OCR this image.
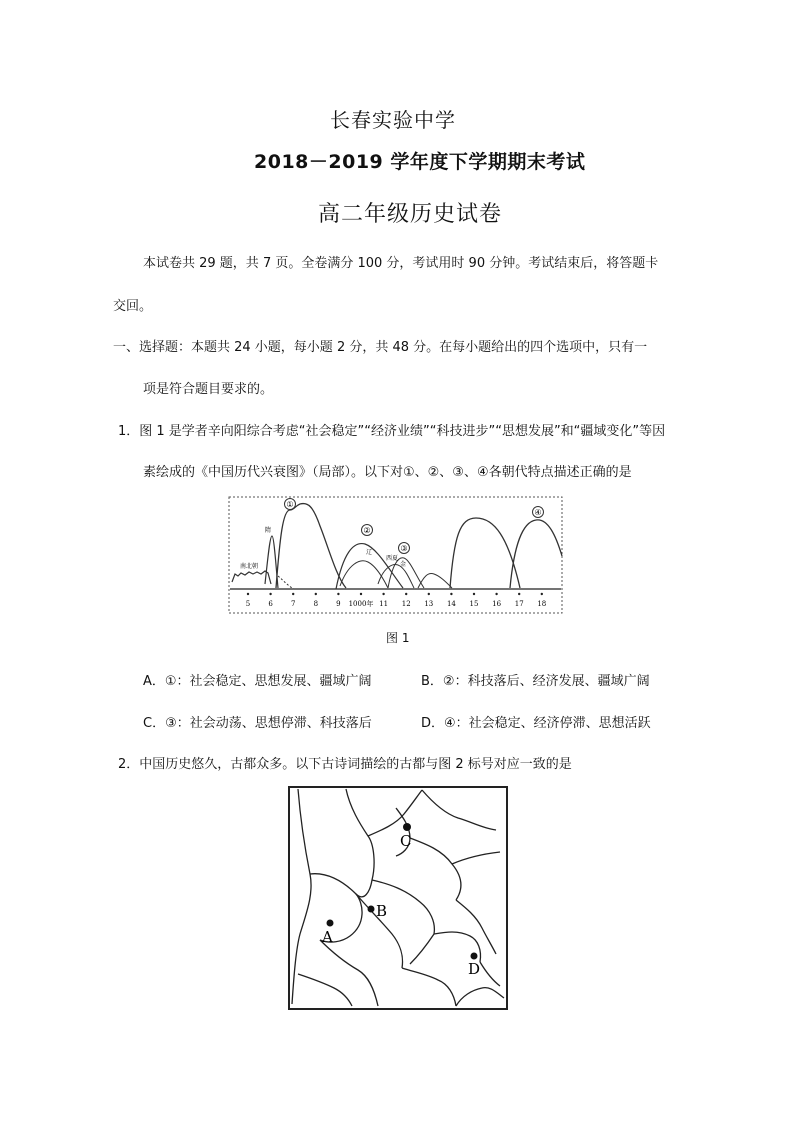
长春实验中学
2018－2019 学年度下学期期末考试
高二年级历史试卷
本试卷共 29 题，共 7 页。全卷满分 100 分，考试用时 90 分钟。考试结束后，将答题卡
交回。
一、选择题：本题共 24 小题，每小题 2 分，共 48 分。在每小题给出的四个选项中，只有一
项是符合题目要求的。
1．图 1 是学者辛向阳综合考虑“社会稳定”“经济业绩”“科技进步”“思想发展”和“疆域变化”等因
素绘成的《中国历代兴衰图》（局部）。以下对①、②、③、④各朝代特点描述正确的是
5	6	7	8	9 1000年 11 12 13 14 15 16 17 18
①
②
③
④
南北朝
隋
辽
西夏
金
图 1
A．①：社会稳定、思想发展、疆域广阔	B．②：科技落后、经济发展、疆域广阔
C．③：社会动荡、思想停滞、科技落后	D．④：社会稳定、经济停滞、思想活跃
2．中国历史悠久，古都众多。以下古诗词描绘的古都与图 2 标号对应一致的是
C
B
A
D
